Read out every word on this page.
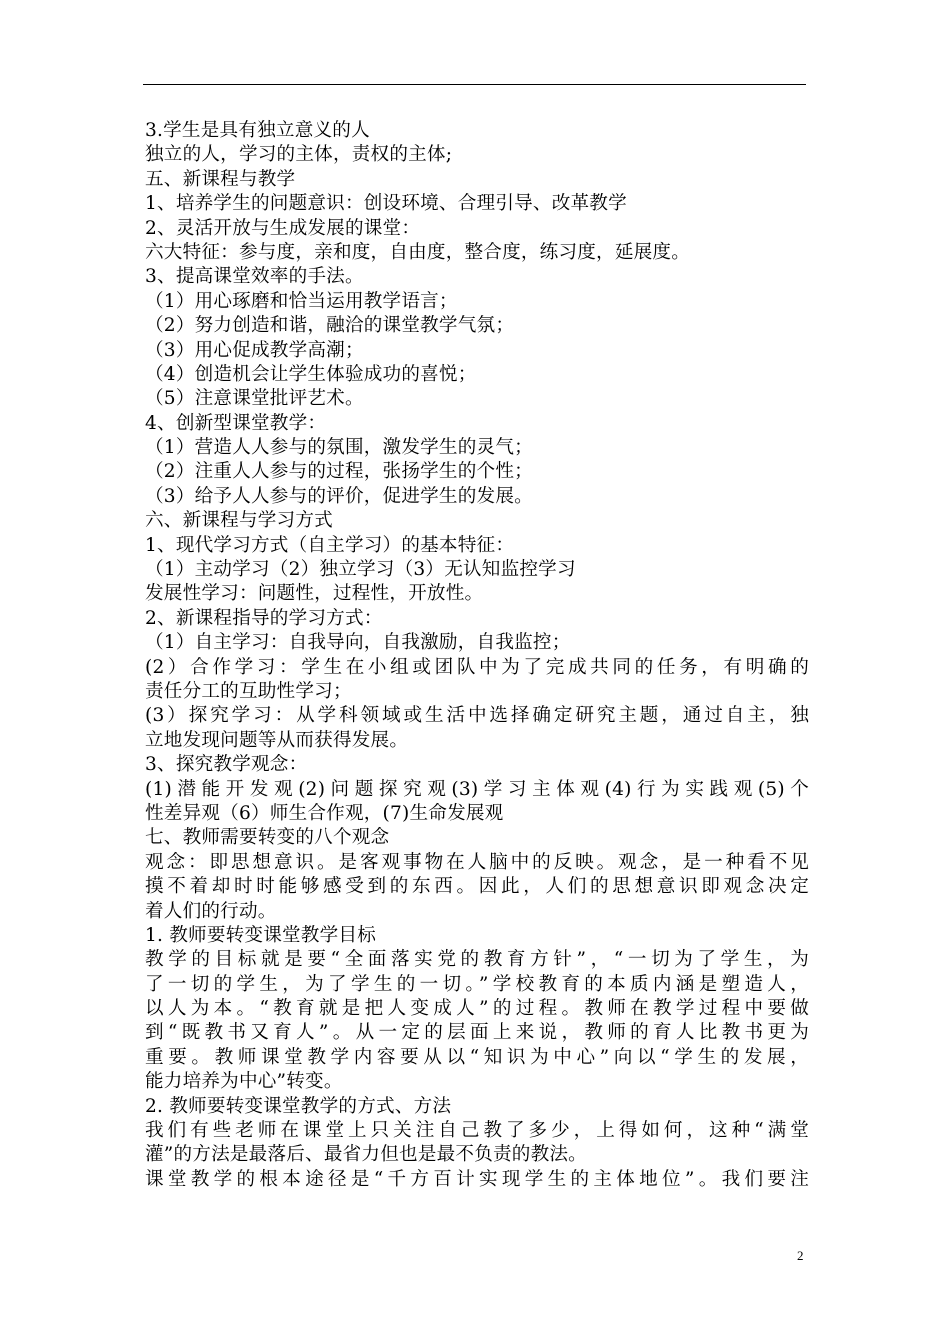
3.学生是具有独立意义的人
独立的人，学习的主体，责权的主体;
五、新课程与教学
1、培养学生的问题意识：创设环境、合理引导、改革教学
2、灵活开放与生成发展的课堂：
六大特征：参与度，亲和度，自由度，整合度，练习度，延展度。
3、提高课堂效率的手法。
（1）用心琢磨和恰当运用教学语言；
（2）努力创造和谐，融洽的课堂教学气氛；
（3）用心促成教学高潮；
（4）创造机会让学生体验成功的喜悦；
（5）注意课堂批评艺术。
4、创新型课堂教学：
（1）营造人人参与的氛围，激发学生的灵气；
（2）注重人人参与的过程，张扬学生的个性；
（3）给予人人参与的评价，促进学生的发展。
六、新课程与学习方式
1、现代学习方式（自主学习）的基本特征：
（1）主动学习（2）独立学习（3）无认知监控学习
发展性学习：问题性，过程性，开放性。
2、新课程指导的学习方式：
（1）自主学习：自我导向，自我激励，自我监控；
(2）合作学习：学生在小组或团队中为了完成共同的任务，有明确的
责任分工的互助性学习；
(3）探究学习：从学科领域或生活中选择确定研究主题，通过自主，独
立地发现问题等从而获得发展。
3、探究教学观念：
(1)潜能开发观(2)问题探究观(3)学习主体观(4)行为实践观(5)个
性差异观（6）师生合作观，(7)生命发展观
七、教师需要转变的八个观念
观念：即思想意识。是客观事物在人脑中的反映。观念，是一种看不见
摸不着却时时能够感受到的东西。因此，人们的思想意识即观念决定
着人们的行动。
1. 教师要转变课堂教学目标
教学的目标就是要“全面落实党的教育方针”，“一切为了学生，为
了一切的学生，为了学生的一切。”学校教育的本质内涵是塑造人，
以人为本。“教育就是把人变成人”的过程。教师在教学过程中要做
到“既教书又育人”。从一定的层面上来说，教师的育人比教书更为
重要。教师课堂教学内容要从以“知识为中心”向以“学生的发展，
能力培养为中心”转变。
2. 教师要转变课堂教学的方式、方法
我们有些老师在课堂上只关注自己教了多少，上得如何，这种“满堂
灌”的方法是最落后、最省力但也是最不负责的教法。
课堂教学的根本途径是“千方百计实现学生的主体地位”。我们要注
2
